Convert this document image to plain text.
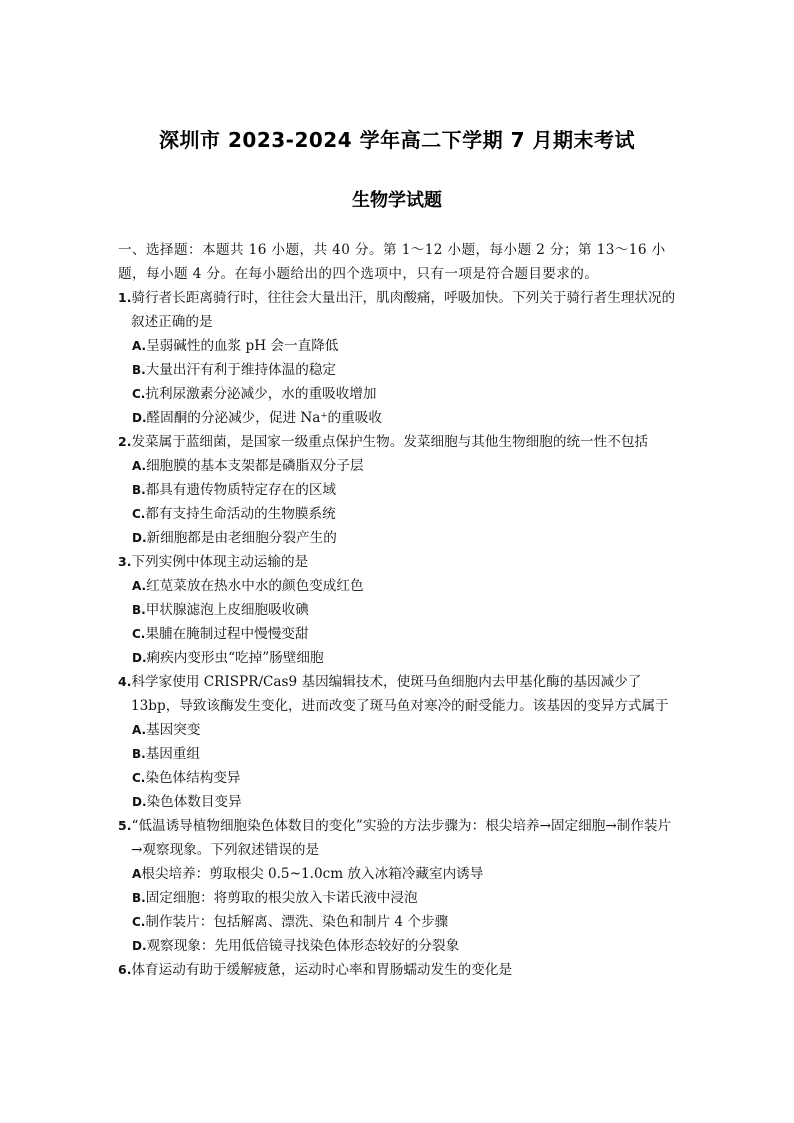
深圳市 2023-2024 学年高二下学期 7 月期末考试
生物学试题
一、选择题：本题共 16 小题，共 40 分。第 1～12 小题，每小题 2 分；第 13～16 小
题，每小题 4 分。在每小题给出的四个选项中，只有一项是符合题目要求的。
1.骑行者长距离骑行时，往往会大量出汗，肌肉酸痛，呼吸加快。下列关于骑行者生理状况的叙述正确的是
A.呈弱碱性的血浆 pH 会一直降低
B.大量出汗有利于维持体温的稳定
C.抗利尿激素分泌减少，水的重吸收增加
D.醛固酮的分泌减少，促进 Na⁺的重吸收
2.发菜属于蓝细菌，是国家一级重点保护生物。发菜细胞与其他生物细胞的统一性不包括
A.细胞膜的基本支架都是磷脂双分子层
B.都具有遗传物质特定存在的区域
C.都有支持生命活动的生物膜系统
D.新细胞都是由老细胞分裂产生的
3.下列实例中体现主动运输的是
A.红苋菜放在热水中水的颜色变成红色
B.甲状腺滤泡上皮细胞吸收碘
C.果脯在腌制过程中慢慢变甜
D.痢疾内变形虫“吃掉”肠壁细胞
4.科学家使用 CRISPR/Cas9 基因编辑技术，使斑马鱼细胞内去甲基化酶的基因减少了 13bp，导致该酶发生变化，进而改变了斑马鱼对寒冷的耐受能力。该基因的变异方式属于
A.基因突变
B.基因重组
C.染色体结构变异
D.染色体数目变异
5.“低温诱导植物细胞染色体数目的变化”实验的方法步骤为：根尖培养→固定细胞→制作装片→观察现象。下列叙述错误的是
A根尖培养：剪取根尖 0.5~1.0cm 放入冰箱冷藏室内诱导
B.固定细胞：将剪取的根尖放入卡诺氏液中浸泡
C.制作装片：包括解离、漂洗、染色和制片 4 个步骤
D.观察现象：先用低倍镜寻找染色体形态较好的分裂象
6.体育运动有助于缓解疲惫，运动时心率和胃肠蠕动发生的变化是
